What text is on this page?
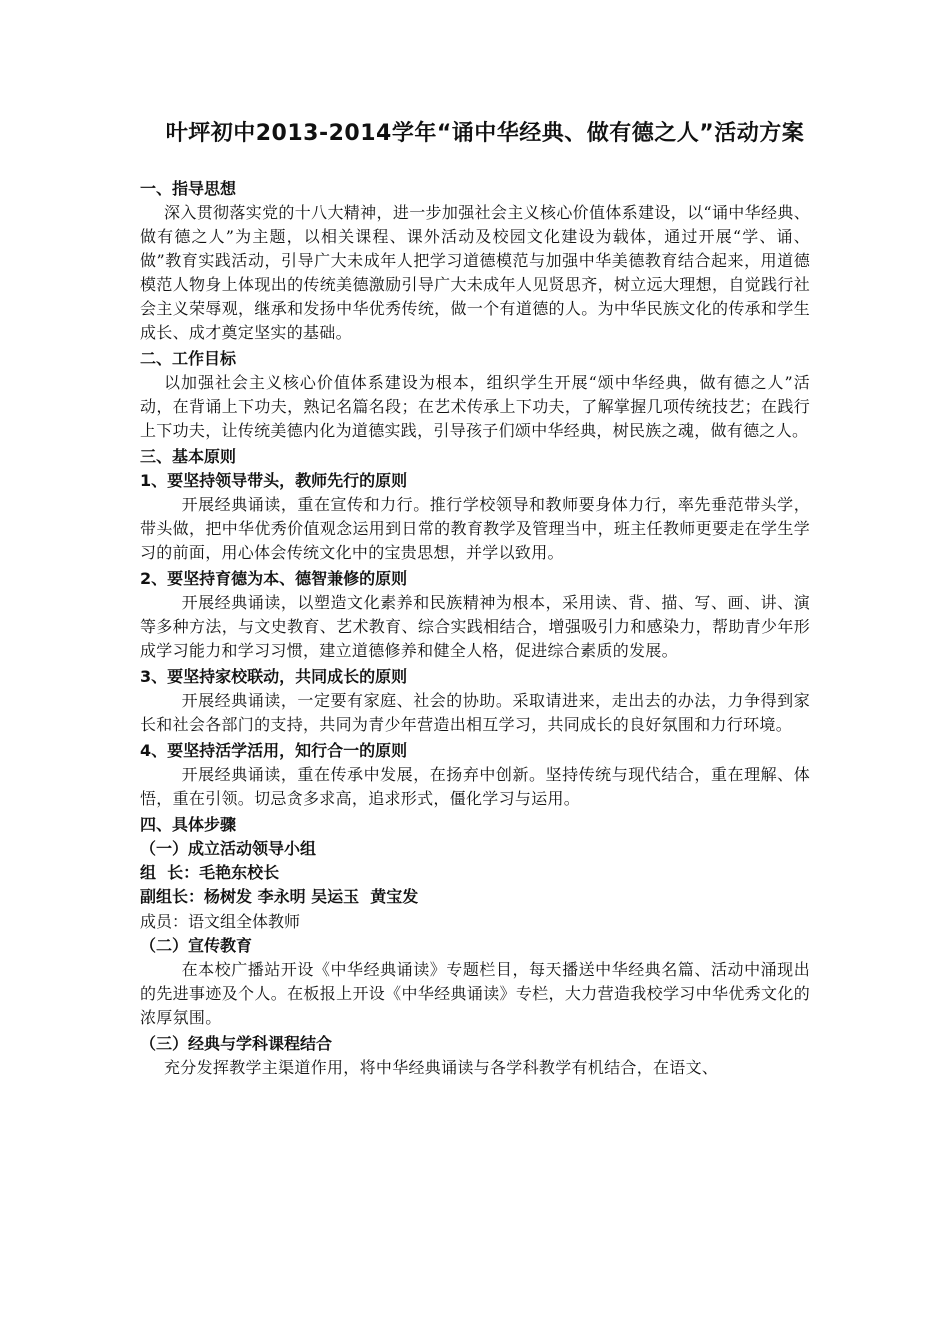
叶坪初中2013-2014学年“诵中华经典、做有德之人”活动方案
一、指导思想

深入贯彻落实党的十八大精神，进一步加强社会主义核心价值体系建设，以“诵中华经典、做有德之人”为主题，以相关课程、课外活动及校园文化建设为载体，通过开展“学、诵、做”教育实践活动，引导广大未成年人把学习道德模范与加强中华美德教育结合起来，用道德模范人物身上体现出的传统美德激励引导广大未成年人见贤思齐，树立远大理想，自觉践行社会主义荣辱观，继承和发扬中华优秀传统，做一个有道德的人。为中华民族文化的传承和学生成长、成才奠定坚实的基础。

二、工作目标

以加强社会主义核心价值体系建设为根本，组织学生开展“颂中华经典，做有德之人”活动，在背诵上下功夫，熟记名篇名段；在艺术传承上下功夫，了解掌握几项传统技艺；在践行上下功夫，让传统美德内化为道德实践，引导孩子们颂中华经典，树民族之魂，做有德之人。

三、基本原则
1、要坚持领导带头，教师先行的原则

开展经典诵读，重在宣传和力行。推行学校领导和教师要身体力行，率先垂范带头学，带头做，把中华优秀价值观念运用到日常的教育教学及管理当中，班主任教师更要走在学生学习的前面，用心体会传统文化中的宝贵思想，并学以致用。

2、要坚持育德为本、德智兼修的原则

开展经典诵读，以塑造文化素养和民族精神为根本，采用读、背、描、写、画、讲、演等多种方法，与文史教育、艺术教育、综合实践相结合，增强吸引力和感染力，帮助青少年形成学习能力和学习习惯，建立道德修养和健全人格，促进综合素质的发展。

3、要坚持家校联动，共同成长的原则

开展经典诵读，一定要有家庭、社会的协助。采取请进来，走出去的办法，力争得到家长和社会各部门的支持，共同为青少年营造出相互学习，共同成长的良好氛围和力行环境。

4、要坚持活学活用，知行合一的原则

开展经典诵读，重在传承中发展，在扬弃中创新。坚持传统与现代结合，重在理解、体悟，重在引领。切忌贪多求高，追求形式，僵化学习与运用。

四、具体步骤
（一）成立活动领导小组
组  长：毛艳东校长
副组长：杨树发 李永明 吴运玉  黄宝发
成员：语文组全体教师
（二）宣传教育

在本校广播站开设《中华经典诵读》专题栏目，每天播送中华经典名篇、活动中涌现出的先进事迹及个人。在板报上开设《中华经典诵读》专栏，大力营造我校学习中华优秀文化的浓厚氛围。

（三）经典与学科课程结合

充分发挥教学主渠道作用，将中华经典诵读与各学科教学有机结合，在语文、
